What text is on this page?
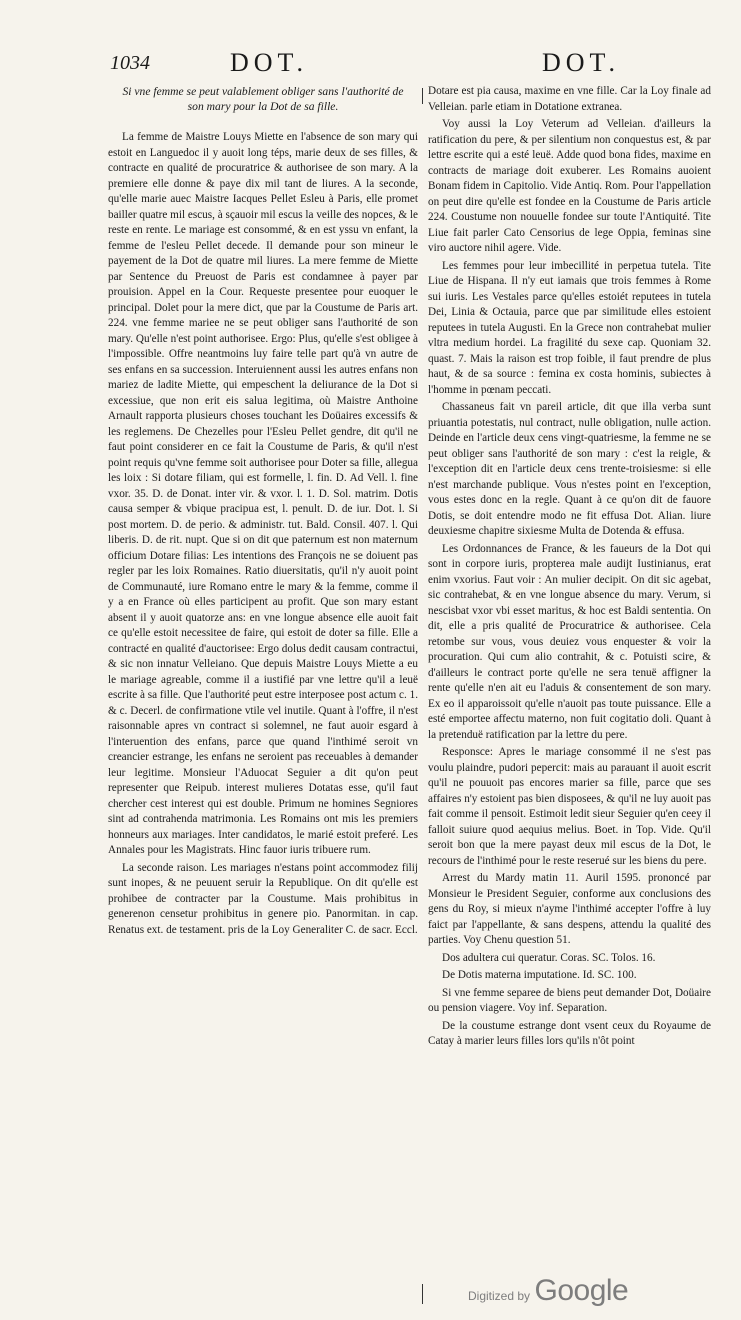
1034	DOT.	DOT.
Si vne femme se peut valablement obliger sans l'authorité de
son mary pour la Dot de sa fille.

La femme de Maistre Louys Miette en l'absence de son mary qui estoit en Languedoc il y auoit long téps, marie deux de ses filles, & contracte en qualité de procuratrice & authorisee de son mary. A la premiere elle donne & paye dix mil tant de liures. A la seconde, qu'elle marie auec Maistre Iacques Pellet Esleu à Paris, elle promet bailler quatre mil escus, à sçauoir mil escus la veille des nopces, & le reste en rente. Le mariage est consommé, & en est yssu vn enfant, la femme de l'esleu Pellet decede. Il demande pour son mineur le payement de la Dot de quatre mil liures. La mere femme de Miette par Sentence du Preuost de Paris est condamnee à payer par prouision. Appel en la Cour. Requeste presentee pour euoquer le principal. Dolet pour la mere dict, que par la Coustume de Paris art. 224. vne femme mariee ne se peut obliger sans l'authorité de son mary. Qu'elle n'est point authorisee. Ergo: Plus, qu'elle s'est obligee à l'impossible. Offre neantmoins luy faire telle part qu'à vn autre de ses enfans en sa succession. Interuiennent aussi les autres enfans non mariez de ladite Miette, qui empeschent la deliurance de la Dot si excessiue, que non erit eis salua legitima, où Maistre Anthoine Arnault rapporta plusieurs choses touchant les Doüaires excessifs & les reglemens. De Chezelles pour l'Esleu Pellet gendre, dit qu'il ne faut point considerer en ce fait la Coustume de Paris, & qu'il n'est point requis qu'vne femme soit authorisee pour Doter sa fille, allegua les loix : Si dotare filiam, qui est formelle, l. fin. D. Ad Vell. l. fine vxor. 35. D. de Donat. inter vir. & vxor. l. 1. D. Sol. matrim. Dotis causa semper & vbique pracipua est, l. penult. D. de iur. Dot. l. Si post mortem. D. de perio. & administr. tut. Bald. Consil. 407. l. Qui liberis. D. de rit. nupt. Que si on dit que paternum est non maternum officium Dotare filias: Les intentions des François ne se doiuent pas regler par les loix Romaines. Ratio diuersitatis, qu'il n'y auoit point de Communauté, iure Romano entre le mary & la femme, comme il y a en France où elles participent au profit. Que son mary estant absent il y auoit quatorze ans: en vne longue absence elle auoit fait ce qu'elle estoit necessitee de faire, qui estoit de doter sa fille. Elle a contracté en qualité d'auctorisee: Ergo dolus dedit causam contractui, & sic non innatur Velleiano. Que depuis Maistre Louys Miette a eu le mariage agreable, comme il a iustifié par vne lettre qu'il a leuë escrite à sa fille. Que l'authorité peut estre interposee post actum c. 1. & c. Decerl. de confirmatione vtile vel inutile. Quant à l'offre, il n'est raisonnable apres vn contract si solemnel, ne faut auoir esgard à l'interuention des enfans, parce que quand l'inthimé seroit vn creancier estrange, les enfans ne seroient pas receuables à demander leur legitime. Monsieur l'Aduocat Seguier a dit qu'on peut representer que Reipub. interest mulieres Dotatas esse, qu'il faut chercher cest interest qui est double. Primum ne homines Segniores sint ad contrahenda matrimonia. Les Romains ont mis les premiers honneurs aux mariages. Inter candidatos, le marié estoit preferé. Les Annales pour les Magistrats. Hinc fauor iuris tribuere rum.

La seconde raison. Les mariages n'estans point accommodez filij sunt inopes, & ne peuuent seruir la Republique. On dit qu'elle est prohibee de contracter par la Coustume. Mais prohibitus in generenon censetur prohibitus in genere pio. Panormitan. in cap. Renatus ext. de testament. pris de la Loy Generaliter C. de sacr. Eccl.

Dotare est pia causa, maxime en vne fille. Car la Loy finale ad Velleian. parle etiam in Dotatione extranea.

Voy aussi la Loy Veterum ad Velleian. d'ailleurs la ratification du pere, & per silentium non conquestus est, & par lettre escrite qui a esté leuë. Adde quod bona fides, maxime en contracts de mariage doit exuberer. Les Romains auoient Bonam fidem in Capitolio. Vide Antiq. Rom. Pour l'appellation on peut dire qu'elle est fondee en la Coustume de Paris article 224. Coustume non nouuelle fondee sur toute l'Antiquité. Tite Liue fait parler Cato Censorius de lege Oppia, feminas sine viro auctore nihil agere. Vide.

Les femmes pour leur imbecillité in perpetua tutela. Tite Liue de Hispana. Il n'y eut iamais que trois femmes à Rome sui iuris. Les Vestales parce qu'elles estoiét reputees in tutela Dei, Linia & Octauia, parce que par similitude elles estoient reputees in tutela Augusti. En la Grece non contrahebat mulier vltra medium hordei. La fragilité du sexe cap. Quoniam 32. quast. 7. Mais la raison est trop foible, il faut prendre de plus haut, & de sa source : femina ex costa hominis, subiectes à l'homme in pœnam peccati.

Chassaneus fait vn pareil article, dit que illa verba sunt priuantia potestatis, nul contract, nulle obligation, nulle action. Deinde en l'article deux cens vingt-quatriesme, la femme ne se peut obliger sans l'authorité de son mary : c'est la reigle, & l'exception dit en l'article deux cens trente-troisiesme: si elle n'est marchande publique. Vous n'estes point en l'exception, vous estes donc en la regle. Quant à ce qu'on dit de fauore Dotis, se doit entendre modo ne fit effusa Dot. Alian. liure deuxiesme chapitre sixiesme Multa de Dotenda & effusa.

Les Ordonnances de France, & les faueurs de la Dot qui sont in corpore iuris, propterea male audijt Iustinianus, erat enim vxorius. Faut voir : An mulier decipit. On dit sic agebat, sic contrahebat, & en vne longue absence du mary. Verum, si nescisbat vxor vbi esset maritus, & hoc est Baldi sententia. On dit, elle a pris qualité de Procuratrice & authorisee. Cela retombe sur vous, vous deuiez vous enquester & voir la procuration. Qui cum alio contrahit, & c. Potuisti scire, & d'ailleurs le contract porte qu'elle ne sera tenuë affigner la rente qu'elle n'en ait eu l'aduis & consentement de son mary. Ex eo il apparoissoit qu'elle n'auoit pas toute puissance. Elle a esté emportee affectu materno, non fuit cogitatio doli. Quant à la pretenduë ratification par la lettre du pere.

Responsce: Apres le mariage consommé il ne s'est pas voulu plaindre, pudori pepercit: mais au parauant il auoit escrit qu'il ne pouuoit pas encores marier sa fille, parce que ses affaires n'y estoient pas bien disposees, & qu'il ne luy auoit pas fait comme il pensoit. Estimoit ledit sieur Seguier qu'en ceey il falloit suiure quod aequius melius. Boet. in Top. Vide. Qu'il seroit bon que la mere payast deux mil escus de la Dot, le recours de l'inthimé pour le reste reserué sur les biens du pere.

Arrest du Mardy matin 11. Auril 1595. prononcé par Monsieur le President Seguier, conforme aux conclusions des gens du Roy, si mieux n'ayme l'inthimé accepter l'offre à luy faict par l'appellante, & sans despens, attendu la qualité des parties. Voy Chenu question 51.

Dos adultera cui queratur. Coras. SC. Tolos. 16.

De Dotis materna imputatione. Id. SC. 100.

Si vne femme separee de biens peut demander Dot, Doüaire ou pension viagere. Voy inf. Separation.

De la coustume estrange dont vsent ceux du Royaume de Catay à marier leurs filles lors qu'ils n'ôt point

Digitized by Google
